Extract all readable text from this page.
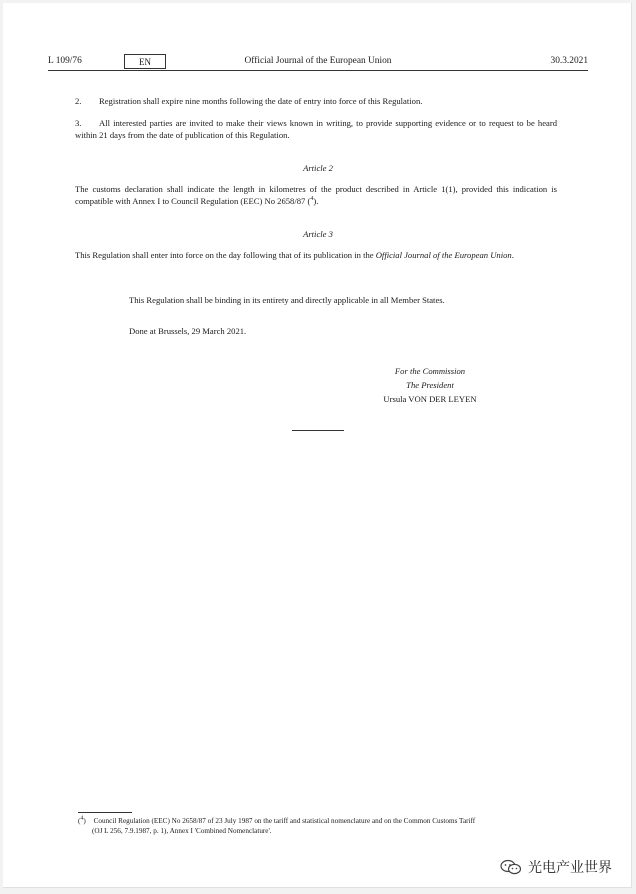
L 109/76	EN	Official Journal of the European Union	30.3.2021
2. Registration shall expire nine months following the date of entry into force of this Regulation.
3. All interested parties are invited to make their views known in writing, to provide supporting evidence or to request to be heard within 21 days from the date of publication of this Regulation.
Article 2
The customs declaration shall indicate the length in kilometres of the product described in Article 1(1), provided this indication is compatible with Annex I to Council Regulation (EEC) No 2658/87 ($^4$).
Article 3
This Regulation shall enter into force on the day following that of its publication in the Official Journal of the European Union.
This Regulation shall be binding in its entirety and directly applicable in all Member States.
Done at Brussels, 29 March 2021.
For the Commission
The President
Ursula VON DER LEYEN
($^4$) Council Regulation (EEC) No 2658/87 of 23 July 1987 on the tariff and statistical nomenclature and on the Common Customs Tariff
(OJ L 256, 7.9.1987, p. 1), Annex I 'Combined Nomenclature'.
光电产业世界
